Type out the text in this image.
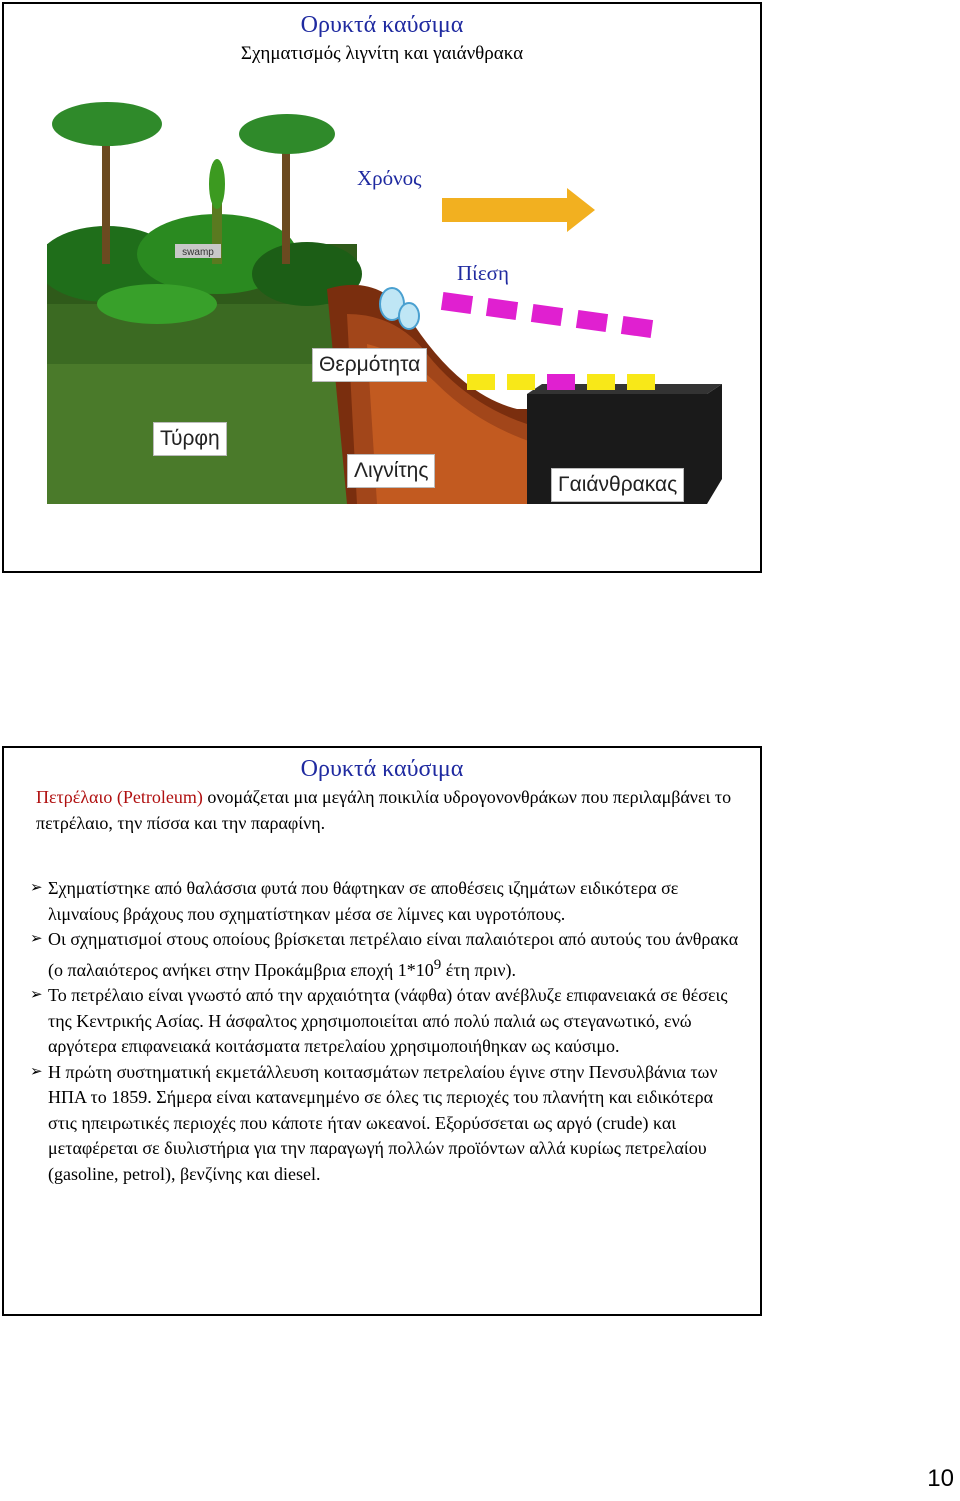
Ορυκτά καύσιμα
Σχηματισμός λιγνίτη και γαιάνθρακα
swamp
Χρόνος
Πίεση
Θερμότητα
Τύρφη
Λιγνίτης
Γαιάνθρακας
Ορυκτά καύσιμα
Πετρέλαιο (Petroleum) ονομάζεται μια μεγάλη ποικιλία υδρογονονθράκων που περιλαμβάνει το πετρέλαιο, την πίσσα και την παραφίνη.
➢ Σχηματίστηκε από θαλάσσια φυτά που θάφτηκαν σε αποθέσεις ιζημάτων ειδικότερα σε λιμναίους βράχους που σχηματίστηκαν μέσα σε λίμνες και υγροτόπους.
➢ Οι σχηματισμοί στους οποίους βρίσκεται πετρέλαιο είναι παλαιότεροι από αυτούς του άνθρακα (ο παλαιότερος ανήκει στην Προκάμβρια εποχή $1*10^9$ έτη πριν).
➢ Το πετρέλαιο είναι γνωστό από την αρχαιότητα (νάφθα) όταν ανέβλυζε επιφανειακά σε θέσεις της Κεντρικής Ασίας. Η άσφαλτος χρησιμοποιείται από πολύ παλιά ως στεγανωτικό, ενώ αργότερα επιφανειακά κοιτάσματα πετρελαίου χρησιμοποιήθηκαν ως καύσιμο.
➢ Η πρώτη συστηματική εκμετάλλευση κοιτασμάτων πετρελαίου έγινε στην Πενσυλβάνια των ΗΠΑ το 1859. Σήμερα είναι κατανεμημένο σε όλες τις περιοχές του πλανήτη και ειδικότερα στις ηπειρωτικές περιοχές που κάποτε ήταν ωκεανοί. Εξορύσσεται ως αργό (crude) και μεταφέρεται σε διυλιστήρια για την παραγωγή πολλών προϊόντων αλλά κυρίως πετρελαίου (gasoline, petrol), βενζίνης και diesel.
10
